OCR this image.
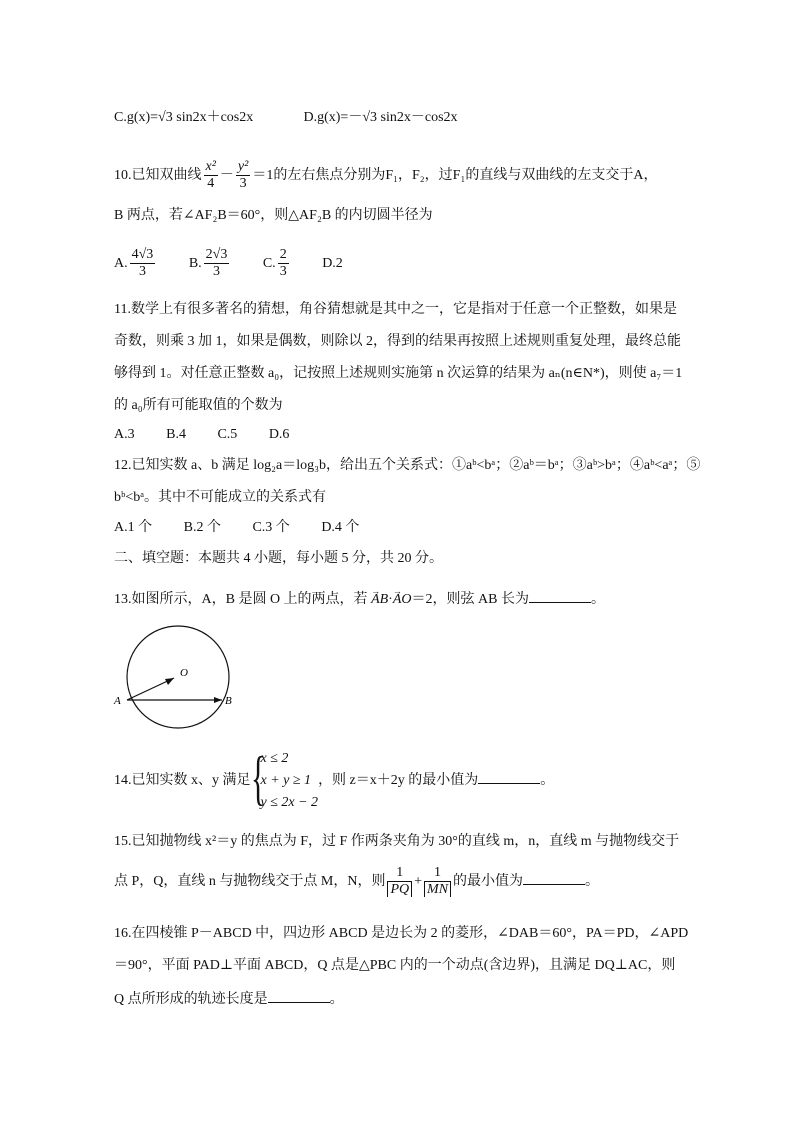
C.g(x)=√3 sin2x＋cos2x	D.g(x)=－√3 sin2x－cos2x
10.已知双曲线 $\frac{\text{x²}}{4} - \frac{\text{y²}}{3} =1$的左右焦点分别为F₁，F₂，过F₁的直线与双曲线的左支交于A，
B 两点，若∠AF₂B＝60°，则△AF₂B 的内切圆半径为
A. $\frac{4√3}{3} B$. $\frac{2√3}{3} C$. $\frac{2}{3} D.2$
11.数学上有很多著名的猜想，角谷猜想就是其中之一，它是指对于任意一个正整数，如果是
奇数，则乘 3 加 1，如果是偶数，则除以 2，得到的结果再按照上述规则重复处理，最终总能
够得到 1。对任意正整数 a₀，记按照上述规则实施第 n 次运算的结果为 aₙ(n∈N*)，则使 a₇＝1
的 a₀所有可能取值的个数为
A.3 B.4 C.5 D.6
12.已知实数 a、b 满足 log₂a＝log₃b，给出五个关系式：①aᵇ<bᵃ；②aᵇ＝bᵃ；③aᵇ>bᵃ；④aᵇ<aᵃ；⑤
bᵇ<bᵃ。其中不可能成立的关系式有
A.1 个 B.2 个 C.3 个 D.4 个
二、填空题：本题共 4 小题，每小题 5 分，共 20 分。
13.如图所示，A，B 是圆 O 上的两点，若 → AB·→ AO＝2，则弦 AB 长为	。
O
A	B
14.已知实数 x、y 满足 {
x ≤ 2
x + y ≥ 1
y ≤ 2x − 2
，则 z＝x＋2y 的最小值为	。
15.已知抛物线 x²＝y 的焦点为 F，过 F 作两条夹角为 30°的直线 m，n，直线 m 与抛物线交于
点 P，Q，直线 n 与抛物线交于点 M，N，则 $\frac{1}{PQ} + \frac{1}{MN}$ 的最小值为	。
16.在四棱锥 P－ABCD 中，四边形 ABCD 是边长为 2 的菱形，∠DAB＝60°，PA＝PD，∠APD
＝90°，平面 PAD⊥平面 ABCD，Q 点是△PBC 内的一个动点(含边界)，且满足 DQ⊥AC，则
Q 点所形成的轨迹长度是	。
